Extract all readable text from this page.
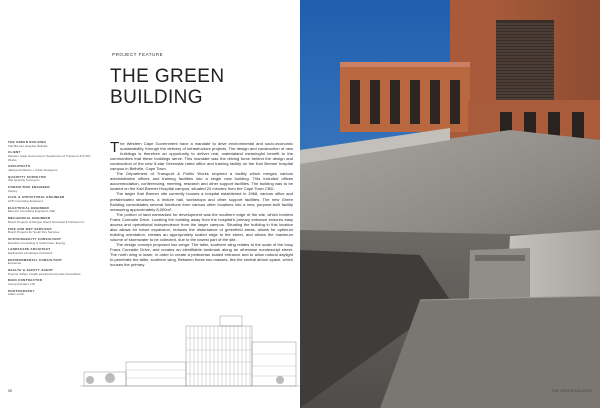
PROJECT FEATURE
THE GREEN
BUILDING
THE GREEN BUILDING
Karl Bremer Hospital, Bellville
CLIENT
Western Cape Government: Department of Transport & Public Works
ARCHITECTS
Jakupa Architects + Urban Designers
QUANTITY SURVEYOR
Ulla Quantity Surveyors
CONSULTING ENGINEER
Kantey
CIVIL & STRUCTURAL ENGINEER
AVP Consulting Engineers
ELECTRICAL ENGINEER
Element Consulting Engineers (SE)
MECHANICAL ENGINEER
Bosch Projects of Morgan Stand Structural & Partners Inc
FIRE AND WET SERVICES
Bosch Projects for South Fire Services
SUSTAINABILITY CONSULTANT
Ecolution Consulting & Solid Green Energy
LANDSCAPE ARCHITECT
Earthworks Landscape Architects
ENVIRONMENTAL CONSULTANT
Ecosense
HEALTH & SAFETY AGENT
Premier Safety, Health and Environmental Consultants
MAIN CONTRACTOR
Aveng Grinaker-LTA
PHOTOGRAPHY
Adam Letch

The Western Cape Government have a mandate to drive environmental and socio-economic sustainability, through the delivery of infrastructure projects. The design and construction of new buildings is therefore an opportunity to deliver real, materialand meaningful benefit to the communities that these buildings serve. This mandate was the driving force behind the design and construction of the new 5-star Greenstar rated office and training facility on the Karl Bremer hospital campus in Bellville, Cape Town.

The Department of Transport & Public Works required a facility which merges various administrative offices and training facilities into a single new building. This included offices accommodation, conferencing, meeting, research and other support facilities. The building was to be located on the Karl Bremer Hospital campus, situated 20 minutes from the Cape Town CBD.

The larger Karl Bremer site currently houses a hospital established in 1968, various office and prefabricated structures, a lecture hall, workshops and other support facilities. The new Green Building consolidates several functions from various other locations into a new, purpose-built facility measuring approximately 8,000m².

The portion of land earmarked for development was the southern edge of the site, which borders Frans Conradie Drive. Locating the building away from the hospital's primary entrance ensures easy access and operational independence from the larger campus. Situating the building in this location also allows for future expansion, reduces the disturbance of greenfield areas, allows for optimum building orientation, creates an appropriately scaled edge to the street, and allows the maximum volume of stormwater to be collected, due to the lowest part of the site.

The design concept proposed two wings: The taller, southern wing relates to the scale of the busy Frans Conradie Drive, and creates an identifiable landmark along an otherwise nondescript street. The north wing is lower, in order to create a pedestrian scaled entrance and to allow natural daylight to penetrate the taller, southern wing. Between these two masses, lies the central atrium space, which houses the primary

58	THE GREEN BUILDING
